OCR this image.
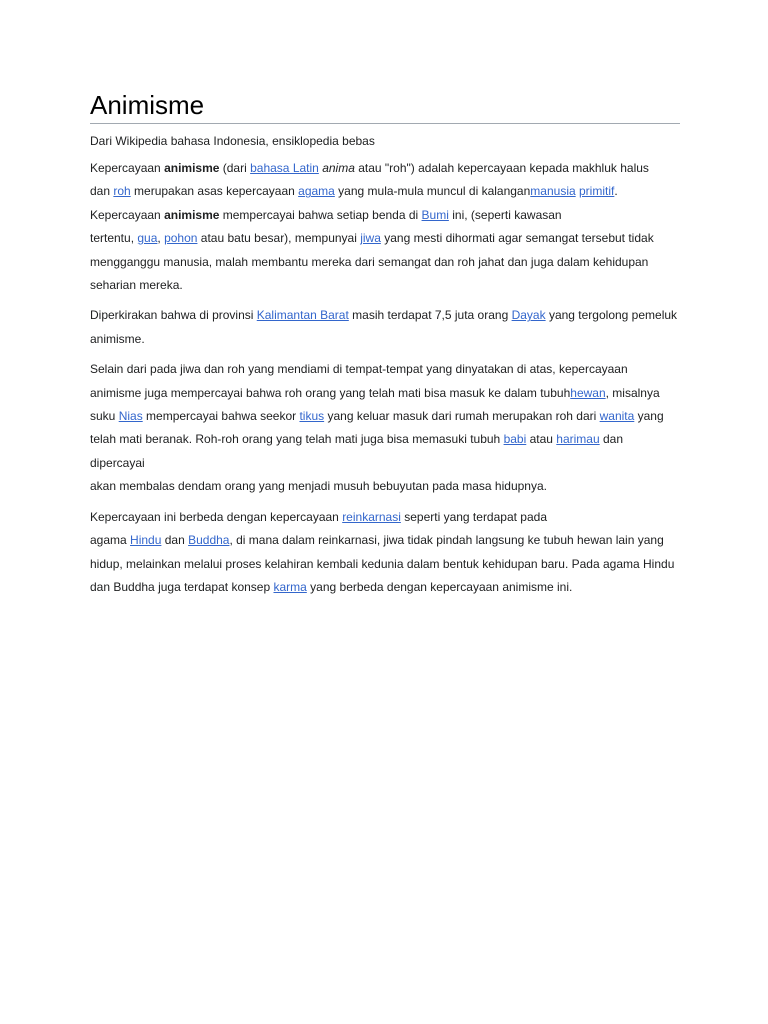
Animisme
Dari Wikipedia bahasa Indonesia, ensiklopedia bebas

Kepercayaan animisme (dari bahasa Latin anima atau "roh") adalah kepercayaan kepada makhluk halus
dan roh merupakan asas kepercayaan agama yang mula-mula muncul di kalanganmanusia primitif.
Kepercayaan animisme mempercayai bahwa setiap benda di Bumi ini, (seperti kawasan
tertentu, gua, pohon atau batu besar), mempunyai jiwa yang mesti dihormati agar semangat tersebut tidak
mengganggu manusia, malah membantu mereka dari semangat dan roh jahat dan juga dalam kehidupan
seharian mereka.

Diperkirakan bahwa di provinsi Kalimantan Barat masih terdapat 7,5 juta orang Dayak yang tergolong pemeluk
animisme.

Selain dari pada jiwa dan roh yang mendiami di tempat-tempat yang dinyatakan di atas, kepercayaan
animisme juga mempercayai bahwa roh orang yang telah mati bisa masuk ke dalam tubuhhewan, misalnya
suku Nias mempercayai bahwa seekor tikus yang keluar masuk dari rumah merupakan roh dari wanita yang
telah mati beranak. Roh-roh orang yang telah mati juga bisa memasuki tubuh babi atau harimau dan dipercayai
akan membalas dendam orang yang menjadi musuh bebuyutan pada masa hidupnya.

Kepercayaan ini berbeda dengan kepercayaan reinkarnasi seperti yang terdapat pada
agama Hindu dan Buddha, di mana dalam reinkarnasi, jiwa tidak pindah langsung ke tubuh hewan lain yang
hidup, melainkan melalui proses kelahiran kembali kedunia dalam bentuk kehidupan baru. Pada agama Hindu
dan Buddha juga terdapat konsep karma yang berbeda dengan kepercayaan animisme ini.
